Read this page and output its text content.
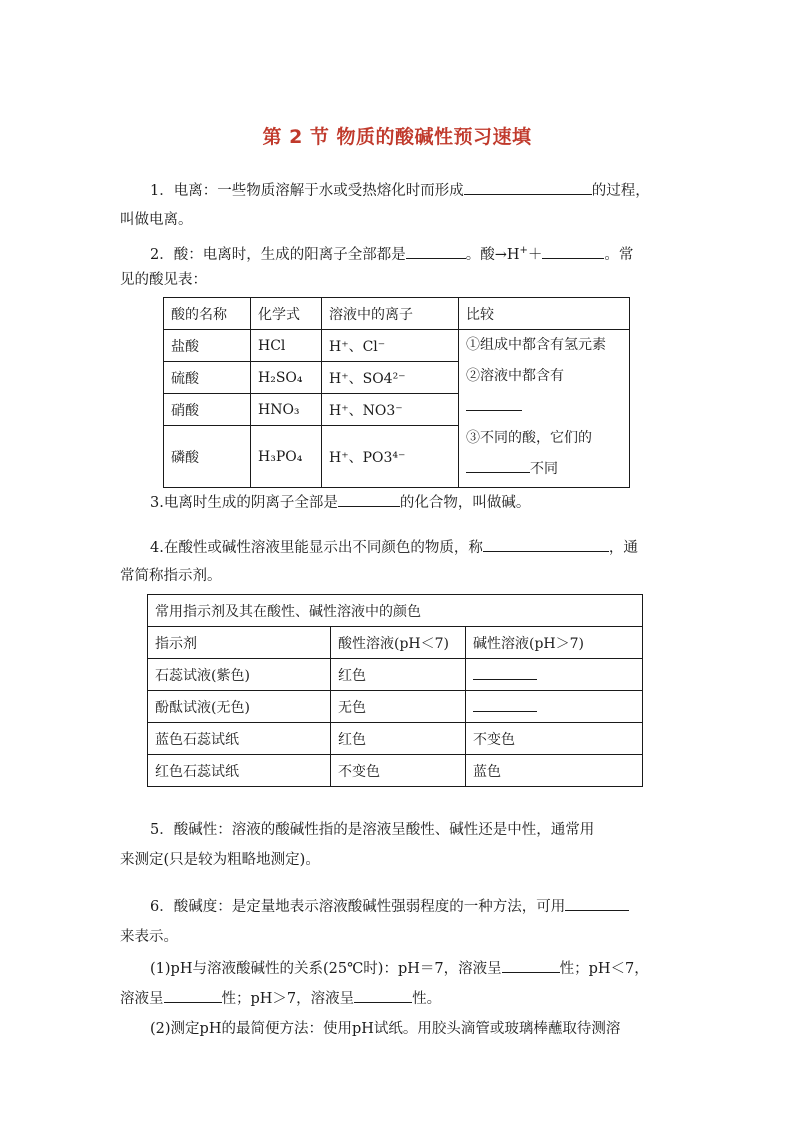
第 2 节 物质的酸碱性预习速填
1．电离：一些物质溶解于水或受热熔化时而形成	的过程，
叫做电离。
2．酸：电离时，生成的阳离子全部都是	。酸→H+＋	。常
见的酸见表：
酸的名称	化学式	溶液中的离子	比较
盐酸	HCl	H⁺、Cl⁻	①组成中都含有氢元素
②溶液中都含有
③不同的酸，它们的
不同

硫酸	H₂SO₄	H⁺、SO4²⁻	
硝酸	HNO₃	H⁺、NO3⁻	
磷酸	H₃PO₄	H⁺、PO3⁴⁻	
3.电离时生成的阴离子全部是	的化合物，叫做碱。
4.在酸性或碱性溶液里能显示出不同颜色的物质，称	，通
常简称指示剂。
常用指示剂及其在酸性、碱性溶液中的颜色		
指示剂	酸性溶液(pH＜7)	碱性溶液(pH＞7)
石蕊试液(紫色)	红色	
酚酞试液(无色)	无色	
蓝色石蕊试纸	红色	不变色
红色石蕊试纸	不变色	蓝色
5．酸碱性：溶液的酸碱性指的是溶液呈酸性、碱性还是中性，通常用
来测定(只是较为粗略地测定)。
6．酸碱度：是定量地表示溶液酸碱性强弱程度的一种方法，可用
来表示。
(1)pH与溶液酸碱性的关系(25℃时)：pH＝7，溶液呈	性；pH＜7，
溶液呈	性；pH＞7，溶液呈	性。
(2)测定pH的最简便方法：使用pH试纸。用胶头滴管或玻璃棒蘸取待测溶
